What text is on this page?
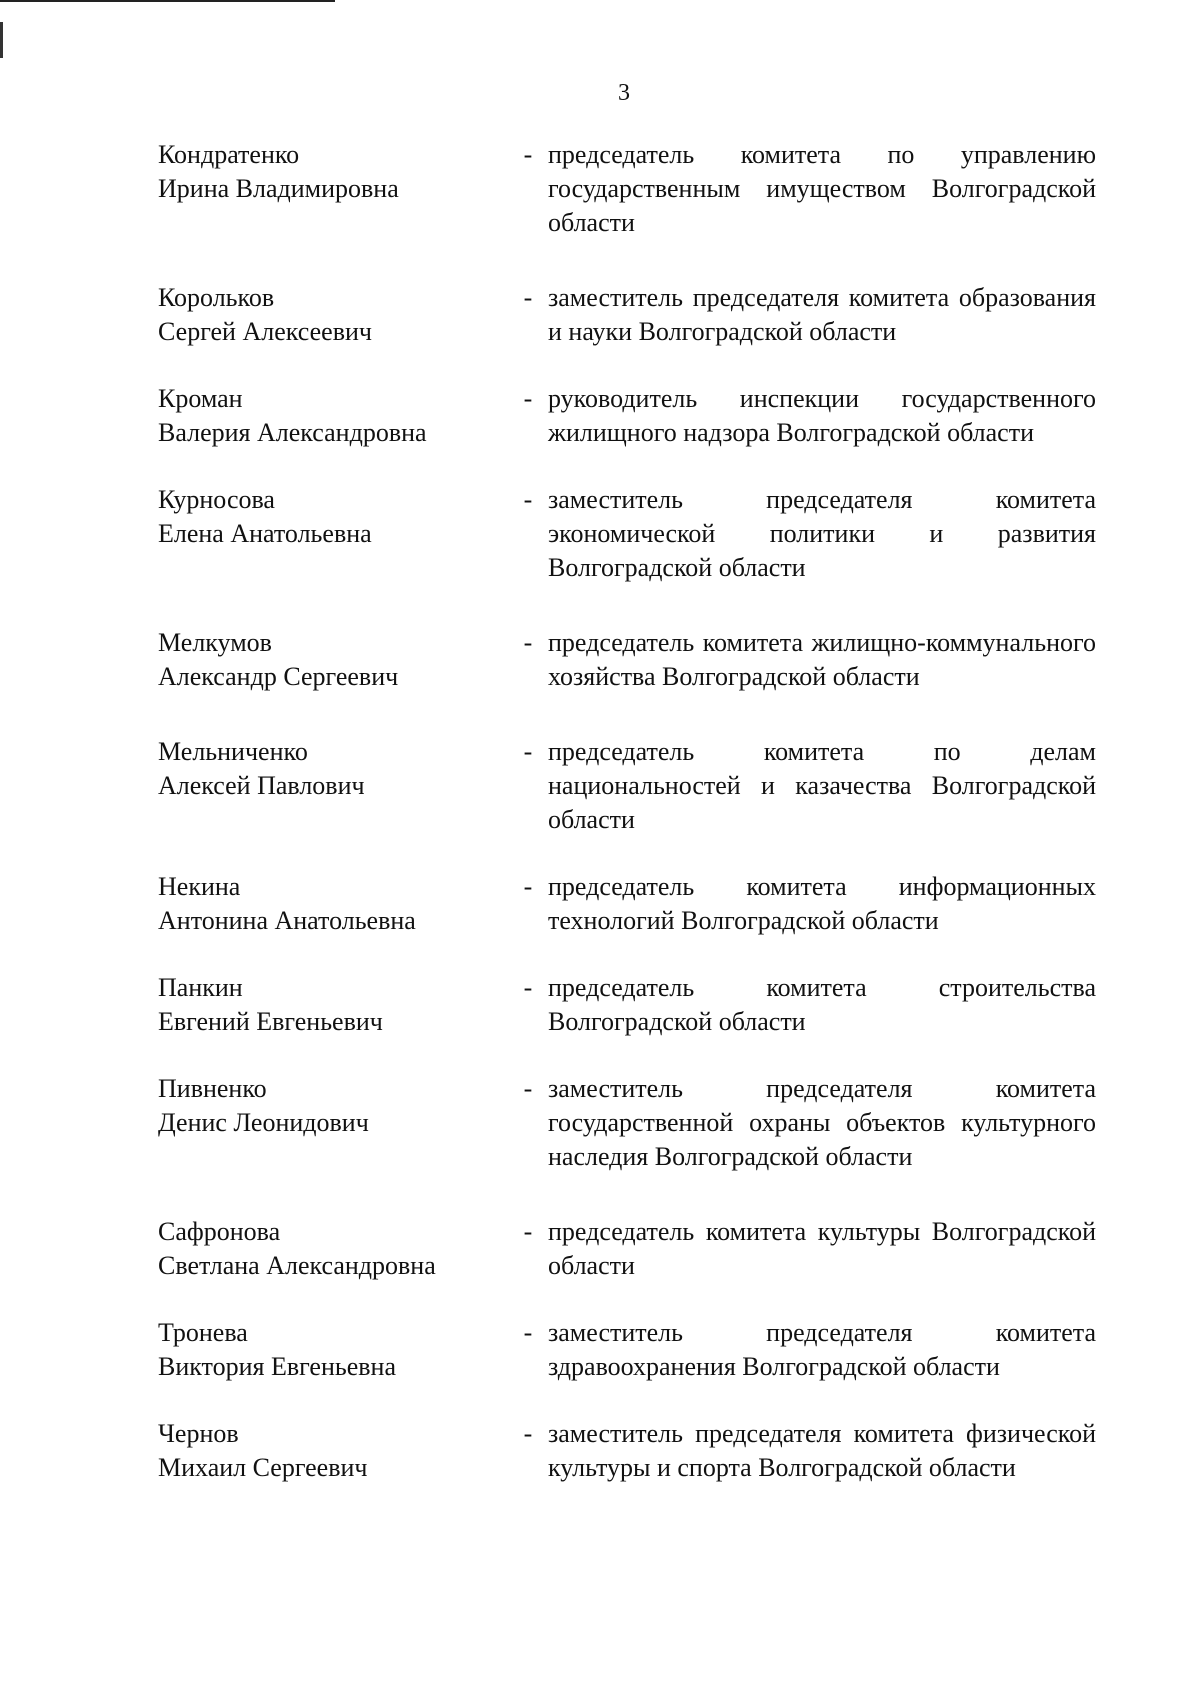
3
Кондратенко
Ирина Владимировна
- председатель комитета по управлению государственным имуществом Волгоградской области
Корольков
Сергей Алексеевич
- заместитель председателя комитета образования и науки Волгоградской области
Кроман
Валерия Александровна
- руководитель инспекции государственного жилищного надзора Волгоградской области
Курносова
Елена Анатольевна
- заместитель председателя комитета экономической политики и развития Волгоградской области
Мелкумов
Александр Сергеевич
- председатель комитета жилищно-коммунального хозяйства Волгоградской области
Мельниченко
Алексей Павлович
- председатель комитета по делам национальностей и казачества Волгоградской области
Некина
Антонина Анатольевна
- председатель комитета информационных технологий Волгоградской области
Панкин
Евгений Евгеньевич
- председатель комитета строительства Волгоградской области
Пивненко
Денис Леонидович
- заместитель председателя комитета государственной охраны объектов культурного наследия Волгоградской области
Сафронова
Светлана Александровна
- председатель комитета культуры Волгоградской области
Тронева
Виктория Евгеньевна
- заместитель председателя комитета здравоохранения Волгоградской области
Чернов
Михаил Сергеевич
- заместитель председателя комитета физической культуры и спорта Волгоградской области
